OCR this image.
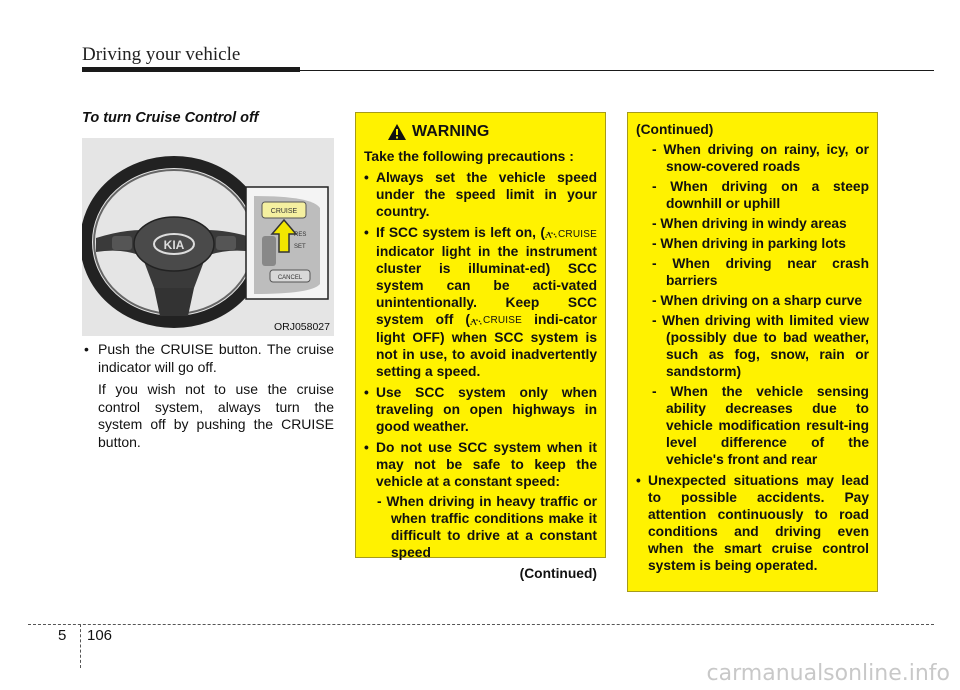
Driving your vehicle
To turn Cruise Control off
KIA
CRUISE
RES
SET
CANCEL
ORJ058027
• Push the CRUISE button. The cruise indicator will go off.
If you wish not to use the cruise control system, always turn the system off by pushing the CRUISE button.
WARNING
Take the following precautions :
• Always set the vehicle speed under the speed limit in your country.
• If SCC system is left on, ( CRUISE
indicator light in the instrument cluster is illuminat-ed) SCC system can be acti-vated unintentionally. Keep SCC system off ( CRUISE indi-cator light OFF) when SCC system is not in use, to avoid inadvertently setting a speed.
• Use SCC system only when traveling on open highways in good weather.
• Do not use SCC system when it may not be safe to keep the vehicle at a constant speed:
- When driving in heavy traffic or when traffic conditions make it difficult to drive at a constant speed
(Continued)
(Continued)
- When driving on rainy, icy, or snow-covered roads
- When driving on a steep downhill or uphill
- When driving in windy areas
- When driving in parking lots
- When driving near crash barriers
- When driving on a sharp curve
- When driving with limited view (possibly due to bad weather, such as fog, snow, rain or sandstorm)
- When the vehicle sensing ability decreases due to vehicle modification result-ing level difference of the vehicle's front and rear
• Unexpected situations may lead to possible accidents. Pay attention continuously to road conditions and driving even when the smart cruise control system is being operated.
5 106
carmanualsonline.info
